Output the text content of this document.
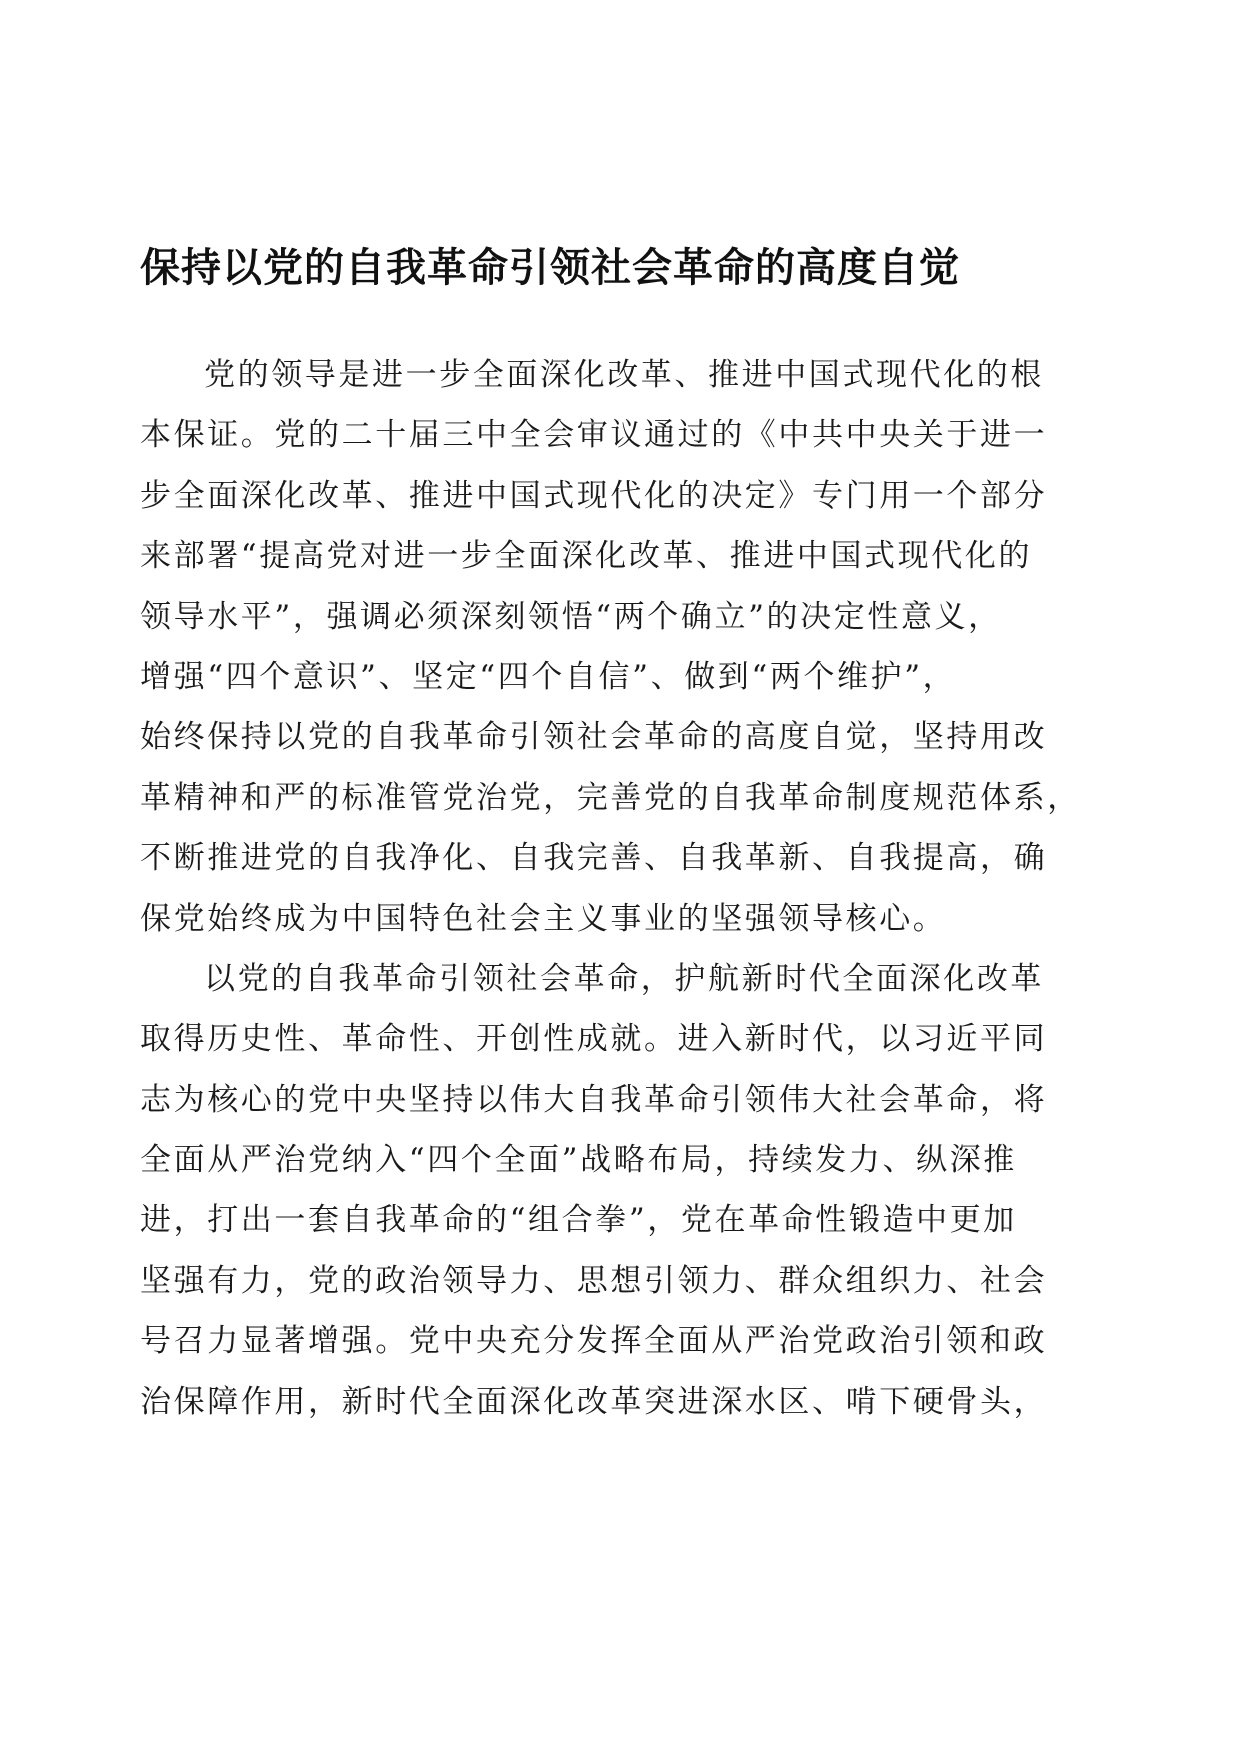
保持以党的自我革命引领社会革命的高度自觉
党的领导是进一步全面深化改革、推进中国式现代化的根
本保证。党的二十届三中全会审议通过的《中共中央关于进一
步全面深化改革、推进中国式现代化的决定》专门用一个部分
来部署“提高党对进一步全面深化改革、推进中国式现代化的
领导水平”，强调必须深刻领悟“两个确立”的决定性意义，
增强“四个意识”、坚定“四个自信”、做到“两个维护”，
始终保持以党的自我革命引领社会革命的高度自觉，坚持用改
革精神和严的标准管党治党，完善党的自我革命制度规范体系，
不断推进党的自我净化、自我完善、自我革新、自我提高，确
保党始终成为中国特色社会主义事业的坚强领导核心。
以党的自我革命引领社会革命，护航新时代全面深化改革
取得历史性、革命性、开创性成就。进入新时代，以习近平同
志为核心的党中央坚持以伟大自我革命引领伟大社会革命，将
全面从严治党纳入“四个全面”战略布局，持续发力、纵深推
进，打出一套自我革命的“组合拳”，党在革命性锻造中更加
坚强有力，党的政治领导力、思想引领力、群众组织力、社会
号召力显著增强。党中央充分发挥全面从严治党政治引领和政
治保障作用，新时代全面深化改革突进深水区、啃下硬骨头，
